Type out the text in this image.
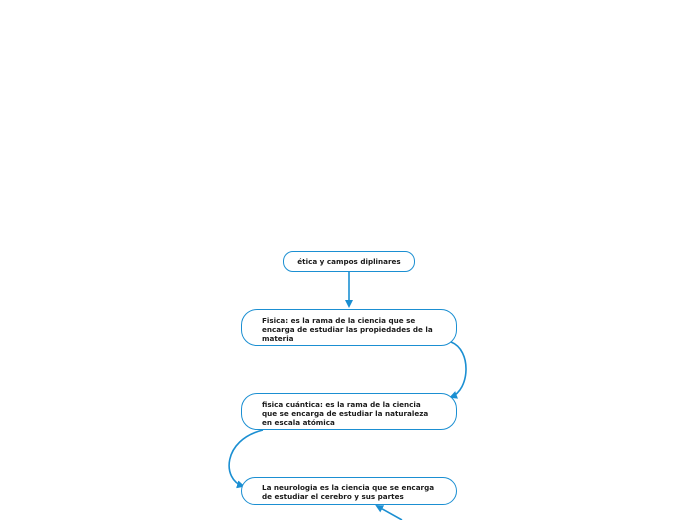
ética y campos diplinares
Fisica: es la rama de la ciencia que se encarga de estudiar las propiedades de la materia
fisica cuántica: es la rama de la ciencia que se encarga de estudiar la naturaleza en escala atómica
La neurologia es la ciencia que se encarga de estudiar el cerebro y sus partes
